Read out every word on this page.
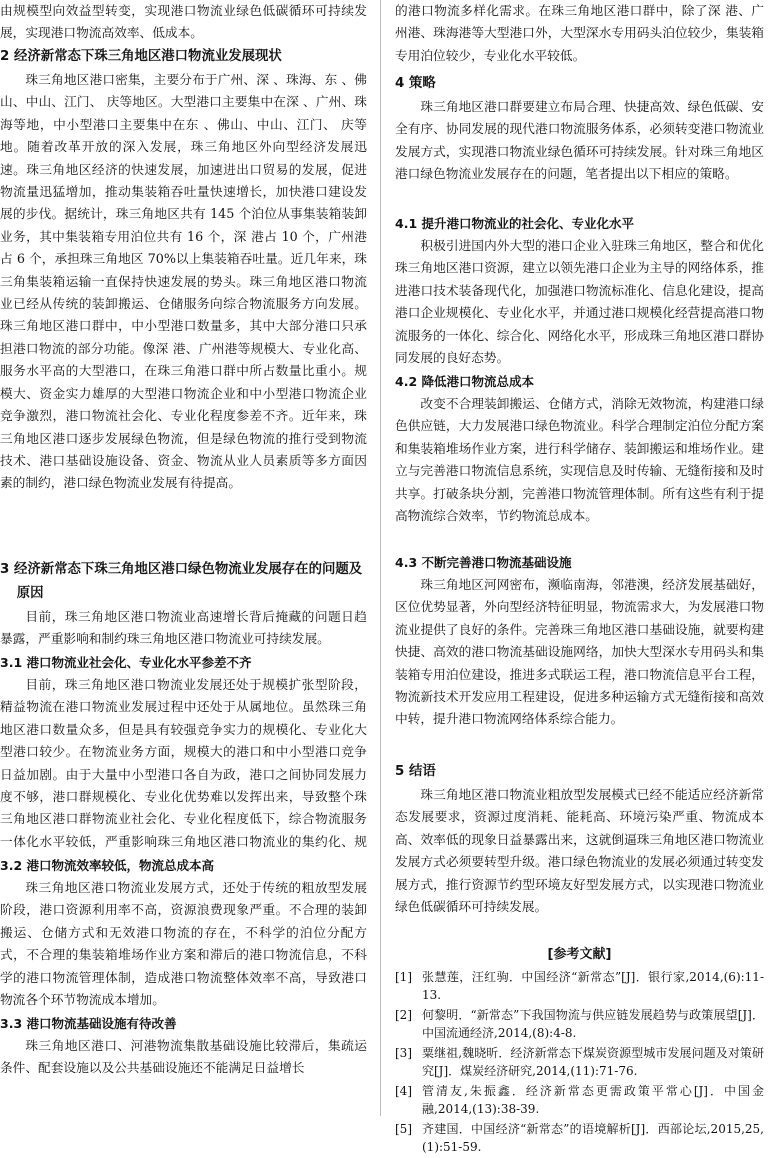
由规模型向效益型转变，实现港口物流业绿色低碳循环可持续发展，实现港口物流高效率、低成本。

2 经济新常态下珠三角地区港口物流业发展现状

珠三角地区港口密集，主要分布于广州、深 、珠海、东 、佛山、中山、江门、 庆等地区。大型港口主要集中在深 、广州、珠海等地，中小型港口主要集中在东 、佛山、中山、江门、 庆等地。随着改革开放的深入发展，珠三角地区外向型经济发展迅速。珠三角地区经济的快速发展，加速进出口贸易的发展，促进物流量迅猛增加，推动集装箱吞吐量快速增长，加快港口建设发展的步伐。据统计，珠三角地区共有 145 个泊位从事集装箱装卸业务，其中集装箱专用泊位共有 16 个，深 港占 10 个，广州港占 6 个，承担珠三角地区 70%以上集装箱吞吐量。近几年来，珠三角集装箱运输一直保持快速发展的势头。珠三角地区港口物流业已经从传统的装卸搬运、仓储服务向综合物流服务方向发展。珠三角地区港口群中，中小型港口数量多，其中大部分港口只承担港口物流的部分功能。像深 港、广州港等规模大、专业化高、服务水平高的大型港口，在珠三角港口群中所占数量比重小。规模大、资金实力雄厚的大型港口物流企业和中小型港口物流企业竞争激烈，港口物流社会化、专业化程度参差不齐。近年来，珠三角地区港口逐步发展绿色物流，但是绿色物流的推行受到物流技术、港口基础设施设备、资金、物流从业人员素质等多方面因素的制约，港口绿色物流业发展有待提高。

3 经济新常态下珠三角地区港口绿色物流业发展存在的问题及原因

目前，珠三角地区港口物流业高速增长背后掩藏的问题日趋暴露，严重影响和制约珠三角地区港口物流业可持续发展。

3.1 港口物流业社会化、专业化水平参差不齐

目前，珠三角地区港口物流业发展还处于规模扩张型阶段，精益物流在港口物流业发展过程中还处于从属地位。虽然珠三角地区港口数量众多，但是具有较强竞争实力的规模化、专业化大型港口较少。在物流业务方面，规模大的港口和中小型港口竞争日益加剧。由于大量中小型港口各自为政，港口之间协同发展力度不够，港口群规模化、专业化优势难以发挥出来，导致整个珠三角地区港口群物流业社会化、专业化程度低下，综合物流服务一体化水平较低，严重影响珠三角地区港口物流业的集约化、规

3.2 港口物流效率较低，物流总成本高

珠三角地区港口物流业发展方式，还处于传统的粗放型发展阶段，港口资源利用率不高，资源浪费现象严重。不合理的装卸搬运、仓储方式和无效港口物流的存在，不科学的泊位分配方式，不合理的集装箱堆场作业方案和滞后的港口物流信息，不科学的港口物流管理体制，造成港口物流整体效率不高，导致港口物流各个环节物流成本增加。

3.3 港口物流基础设施有待改善

珠三角地区港口、河港物流集散基础设施比较滞后，集疏运条件、配套设施以及公共基础设施还不能满足日益增长

的港口物流多样化需求。在珠三角地区港口群中，除了深 港、广州港、珠海港等大型港口外，大型深水专用码头泊位较少，集装箱专用泊位较少，专业化水平较低。

4 策略

珠三角地区港口群要建立布局合理、快捷高效、绿色低碳、安全有序、协同发展的现代港口物流服务体系，必须转变港口物流业发展方式，实现港口物流业绿色循环可持续发展。针对珠三角地区港口绿色物流业发展存在的问题，笔者提出以下相应的策略。

4.1 提升港口物流业的社会化、专业化水平

积极引进国内外大型的港口企业入驻珠三角地区，整合和优化珠三角地区港口资源，建立以领先港口企业为主导的网络体系，推进港口技术装备现代化，加强港口物流标准化、信息化建设，提高港口企业规模化、专业化水平，并通过港口规模化经营提高港口物流服务的一体化、综合化、网络化水平，形成珠三角地区港口群协同发展的良好态势。

4.2 降低港口物流总成本

改变不合理装卸搬运、仓储方式，消除无效物流，构建港口绿色供应链，大力发展港口绿色物流业。科学合理制定泊位分配方案和集装箱堆场作业方案，进行科学储存、装卸搬运和堆场作业。建立与完善港口物流信息系统，实现信息及时传输、无缝衔接和及时共享。打破条块分割，完善港口物流管理体制。所有这些有利于提高物流综合效率，节约物流总成本。

4.3 不断完善港口物流基础设施

珠三角地区河网密布，濒临南海，邻港澳，经济发展基础好，区位优势显著，外向型经济特征明显，物流需求大，为发展港口物流业提供了良好的条件。完善珠三角地区港口基础设施，就要构建快捷、高效的港口物流基础设施网络，加快大型深水专用码头和集装箱专用泊位建设，推进多式联运工程，港口物流信息平台工程，物流新技术开发应用工程建设，促进多种运输方式无缝衔接和高效中转，提升港口物流网络体系综合能力。

5 结语

珠三角地区港口物流业粗放型发展模式已经不能适应经济新常态发展要求，资源过度消耗、能耗高、环境污染严重、物流成本高、效率低的现象日益暴露出来，这就倒逼珠三角地区港口物流业发展方式必须要转型升级。港口绿色物流业的发展必须通过转变发展方式，推行资源节约型环境友好型发展方式，以实现港口物流业绿色低碳循环可持续发展。

[参考文献]
[1] 张慧莲，汪红驹．中国经济“新常态”[J]．银行家,2014,(6):11-13.
[2] 何黎明．“新常态”下我国物流与供应链发展趋势与政策展望[J]．中国流通经济,2014,(8):4-8.
[3] 粟继祖,魏晓昕．经济新常态下煤炭资源型城市发展问题及对策研究[J]．煤炭经济研究,2014,(11):71-76.
[4] 管清友,朱振鑫．经济新常态更需政策平常心[J]．中国金融,2014,(13):38-39.
[5] 齐建国．中国经济“新常态”的语境解析[J]．西部论坛,2015,25,(1):51-59.
